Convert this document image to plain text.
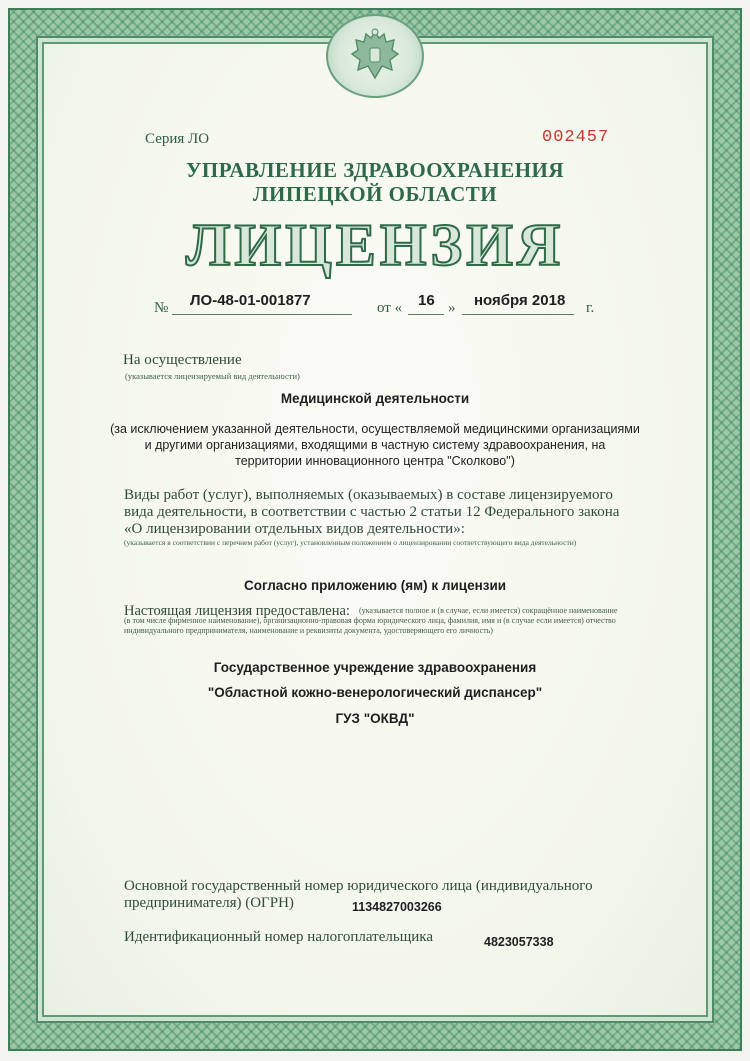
Серия ЛО	002457
УПРАВЛЕНИЕ ЗДРАВООХРАНЕНИЯ
ЛИПЕЦКОЙ ОБЛАСТИ
ЛИЦЕНЗИЯ
№ ЛО-48-01-001877	от « 16 » ноября 2018 г.
На осуществление
(указывается лицензируемый вид деятельности)
Медицинской деятельности
(за исключением указанной деятельности, осуществляемой медицинскими организациями
и другими организациями, входящими в частную систему здравоохранения, на
территории инновационного центра "Сколково")
Виды работ (услуг), выполняемых (оказываемых) в составе лицензируемого
вида деятельности, в соответствии с частью 2 статьи 12 Федерального закона
«О лицензировании отдельных видов деятельности»:
(указывается в соответствии с перечнем работ (услуг), установленным положением о лицензировании соответствующего вида деятельности)
Согласно приложению (ям) к лицензии
Настоящая лицензия предоставлена:	(указывается полное и (в случае, если имеется) сокращённое наименование (в том числе фирменное наименование), организационно-правовая форма юридического лица, фамилия, имя и (в случае если имеется) отчество индивидуального предпринимателя, наименование и реквизиты документа, удостоверяющего его личность)
Государственное учреждение здравоохранения
"Областной кожно-венерологический диспансер"
ГУЗ "ОКВД"
Основной государственный номер юридического лица (индивидуального
предпринимателя) (ОГРН)	1134827003266
Идентификационный номер налогоплательщика	4823057338
